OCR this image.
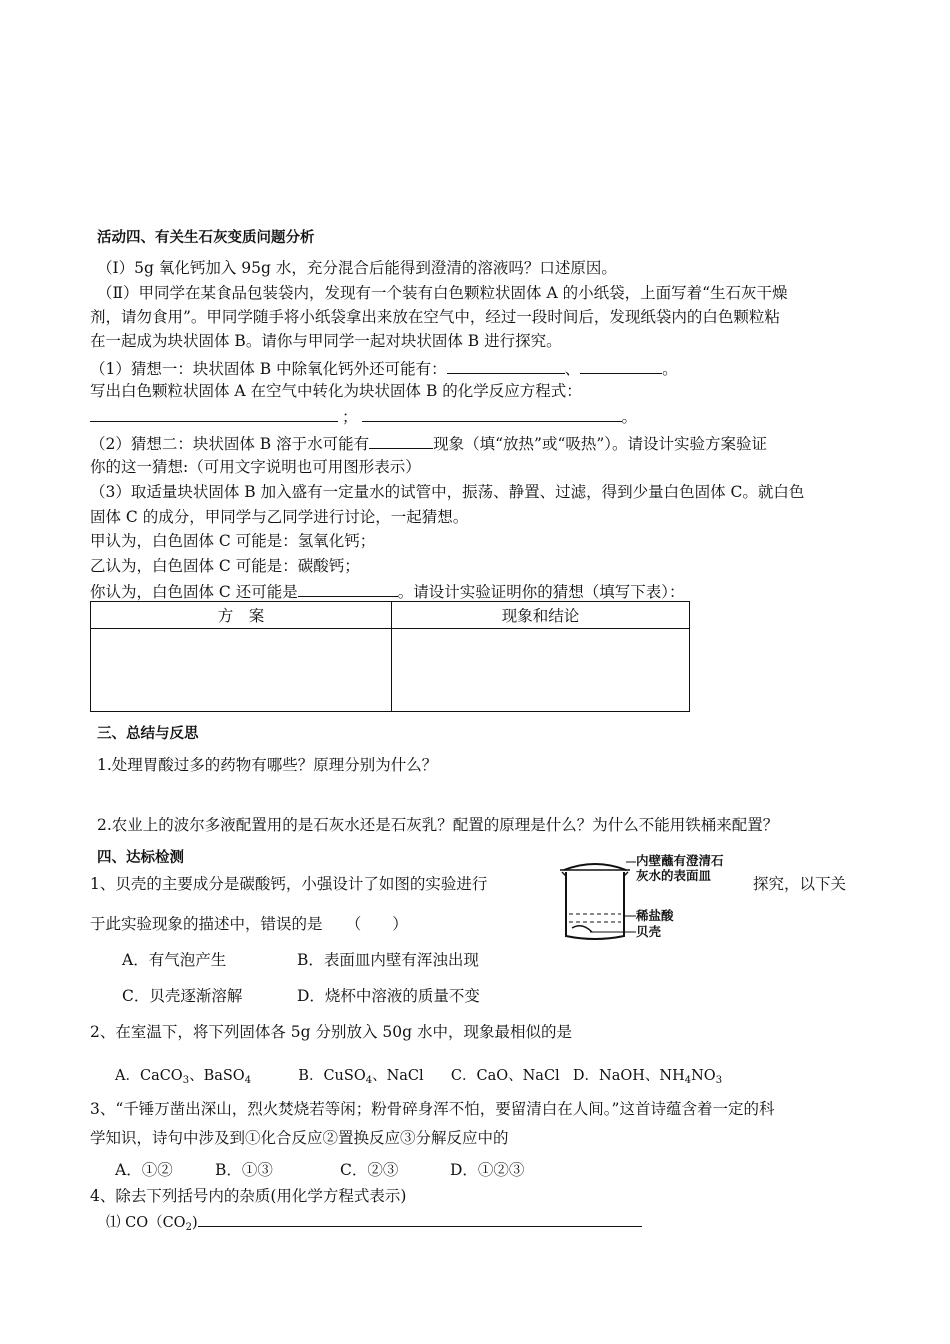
活动四、有关生石灰变质问题分析
（Ⅰ）5g 氧化钙加入 95g 水，充分混合后能得到澄清的溶液吗？口述原因。
（Ⅱ）甲同学在某食品包装袋内，发现有一个装有白色颗粒状固体 A 的小纸袋，上面写着“生石灰干燥
剂，请勿食用”。甲同学随手将小纸袋拿出来放在空气中，经过一段时间后，发现纸袋内的白色颗粒粘
在一起成为块状固体 B。请你与甲同学一起对块状固体 B 进行探究。
（1）猜想一：块状固体 B 中除氧化钙外还可能有：	、	。
写出白色颗粒状固体 A 在空气中转化为块状固体 B 的化学反应方程式：
；	。
（2）猜想二：块状固体 B 溶于水可能有	现象（填“放热”或“吸热”）。请设计实验方案验证
你的这一猜想:（可用文字说明也可用图形表示）
（3）取适量块状固体 B 加入盛有一定量水的试管中，振荡、静置、过滤，得到少量白色固体 C。就白色
固体 C 的成分，甲同学与乙同学进行讨论，一起猜想。
甲认为，白色固体 C 可能是：氢氧化钙；
乙认为，白色固体 C 可能是：碳酸钙；
你认为，白色固体 C 还可能是	。请设计实验证明你的猜想（填写下表）：
方　案	现象和结论

三、总结与反思
1.处理胃酸过多的药物有哪些？原理分别为什么？
2.农业上的波尔多液配置用的是石灰水还是石灰乳？配置的原理是什么？为什么不能用铁桶来配置？
四、达标检测
1、贝壳的主要成分是碳酸钙，小强设计了如图的实验进行	探究，以下关
于此实验现象的描述中，错误的是　　（　　）
内壁蘸有澄清石
灰水的表面皿
稀盐酸
贝壳
A．有气泡产生	B．表面皿内壁有浑浊出现
C．贝壳逐渐溶解	D．烧杯中溶液的质量不变
2、在室温下，将下列固体各 5g 分别放入 50g 水中，现象最相似的是
A．CaCO$_3$、BaSO$_4$	B．CuSO$_4$、NaCl C．CaO、NaCl D．NaOH、$NH_4NO_3$
3、“千锤万凿出深山，烈火焚烧若等闲；粉骨碎身浑不怕，要留清白在人间。”这首诗蕴含着一定的科
学知识，诗句中涉及到①化合反应②置换反应③分解反应中的
A．①②	B．①③	C．②③	D．①②③
4、除去下列括号内的杂质(用化学方程式表示)
⑴ $CO(CO_2)$
